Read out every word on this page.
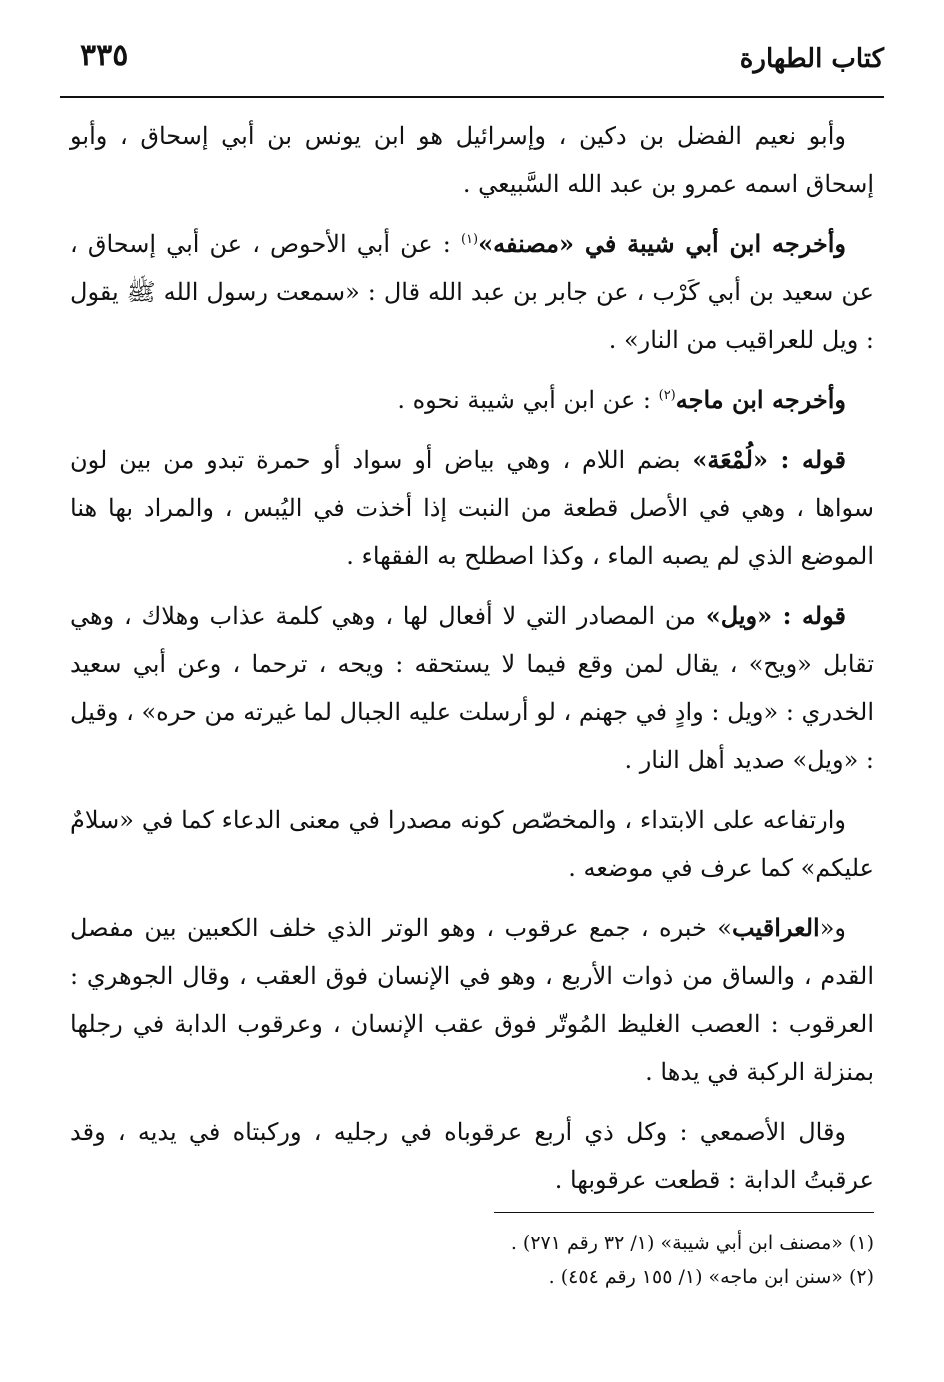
كتاب الطهارة
٣٣٥

وأبو نعيم الفضل بن دكين ، وإسرائيل هو ابن يونس بن أبي إسحاق ، وأبو إسحاق اسمه عمرو بن عبد الله السَّبيعي .

وأخرجه ابن أبي شيبة في «مصنفه»$^{(١)}$ : عن أبي الأحوص ، عن أبي إسحاق ، عن سعيد بن أبي كَرْب ، عن جابر بن عبد الله قال : «سمعت رسول الله ﷺ يقول : ويل للعراقيب من النار» .

وأخرجه ابن ماجه$^{(٢)}$ : عن ابن أبي شيبة نحوه .

قوله : «لُمْعَة» بضم اللام ، وهي بياض أو سواد أو حمرة تبدو من بين لون سواها ، وهي في الأصل قطعة من النبت إذا أخذت في اليُبس ، والمراد بها هنا الموضع الذي لم يصبه الماء ، وكذا اصطلح به الفقهاء .

قوله : «ويل» من المصادر التي لا أفعال لها ، وهي كلمة عذاب وهلاك ، وهي تقابل «ويح» ، يقال لمن وقع فيما لا يستحقه : ويحه ، ترحما ، وعن أبي سعيد الخدري : «ويل : وادٍ في جهنم ، لو أرسلت عليه الجبال لما غيرته من حره» ، وقيل : «ويل» صديد أهل النار .

وارتفاعه على الابتداء ، والمخصّص كونه مصدرا في معنى الدعاء كما في «سلامٌ عليكم» كما عرف في موضعه .

و«العراقيب» خبره ، جمع عرقوب ، وهو الوتر الذي خلف الكعبين بين مفصل القدم ، والساق من ذوات الأربع ، وهو في الإنسان فوق العقب ، وقال الجوهري : العرقوب : العصب الغليظ المُوتّر فوق عقب الإنسان ، وعرقوب الدابة في رجلها بمنزلة الركبة في يدها .

وقال الأصمعي : وكل ذي أربع عرقوباه في رجليه ، وركبتاه في يديه ، وقد عرقبتُ الدابة : قطعت عرقوبها .

(١) «مصنف ابن أبي شيبة» (١/ ٣٢ رقم ٢٧١) .
(٢) «سنن ابن ماجه» (١/ ١٥٥ رقم ٤٥٤) .
